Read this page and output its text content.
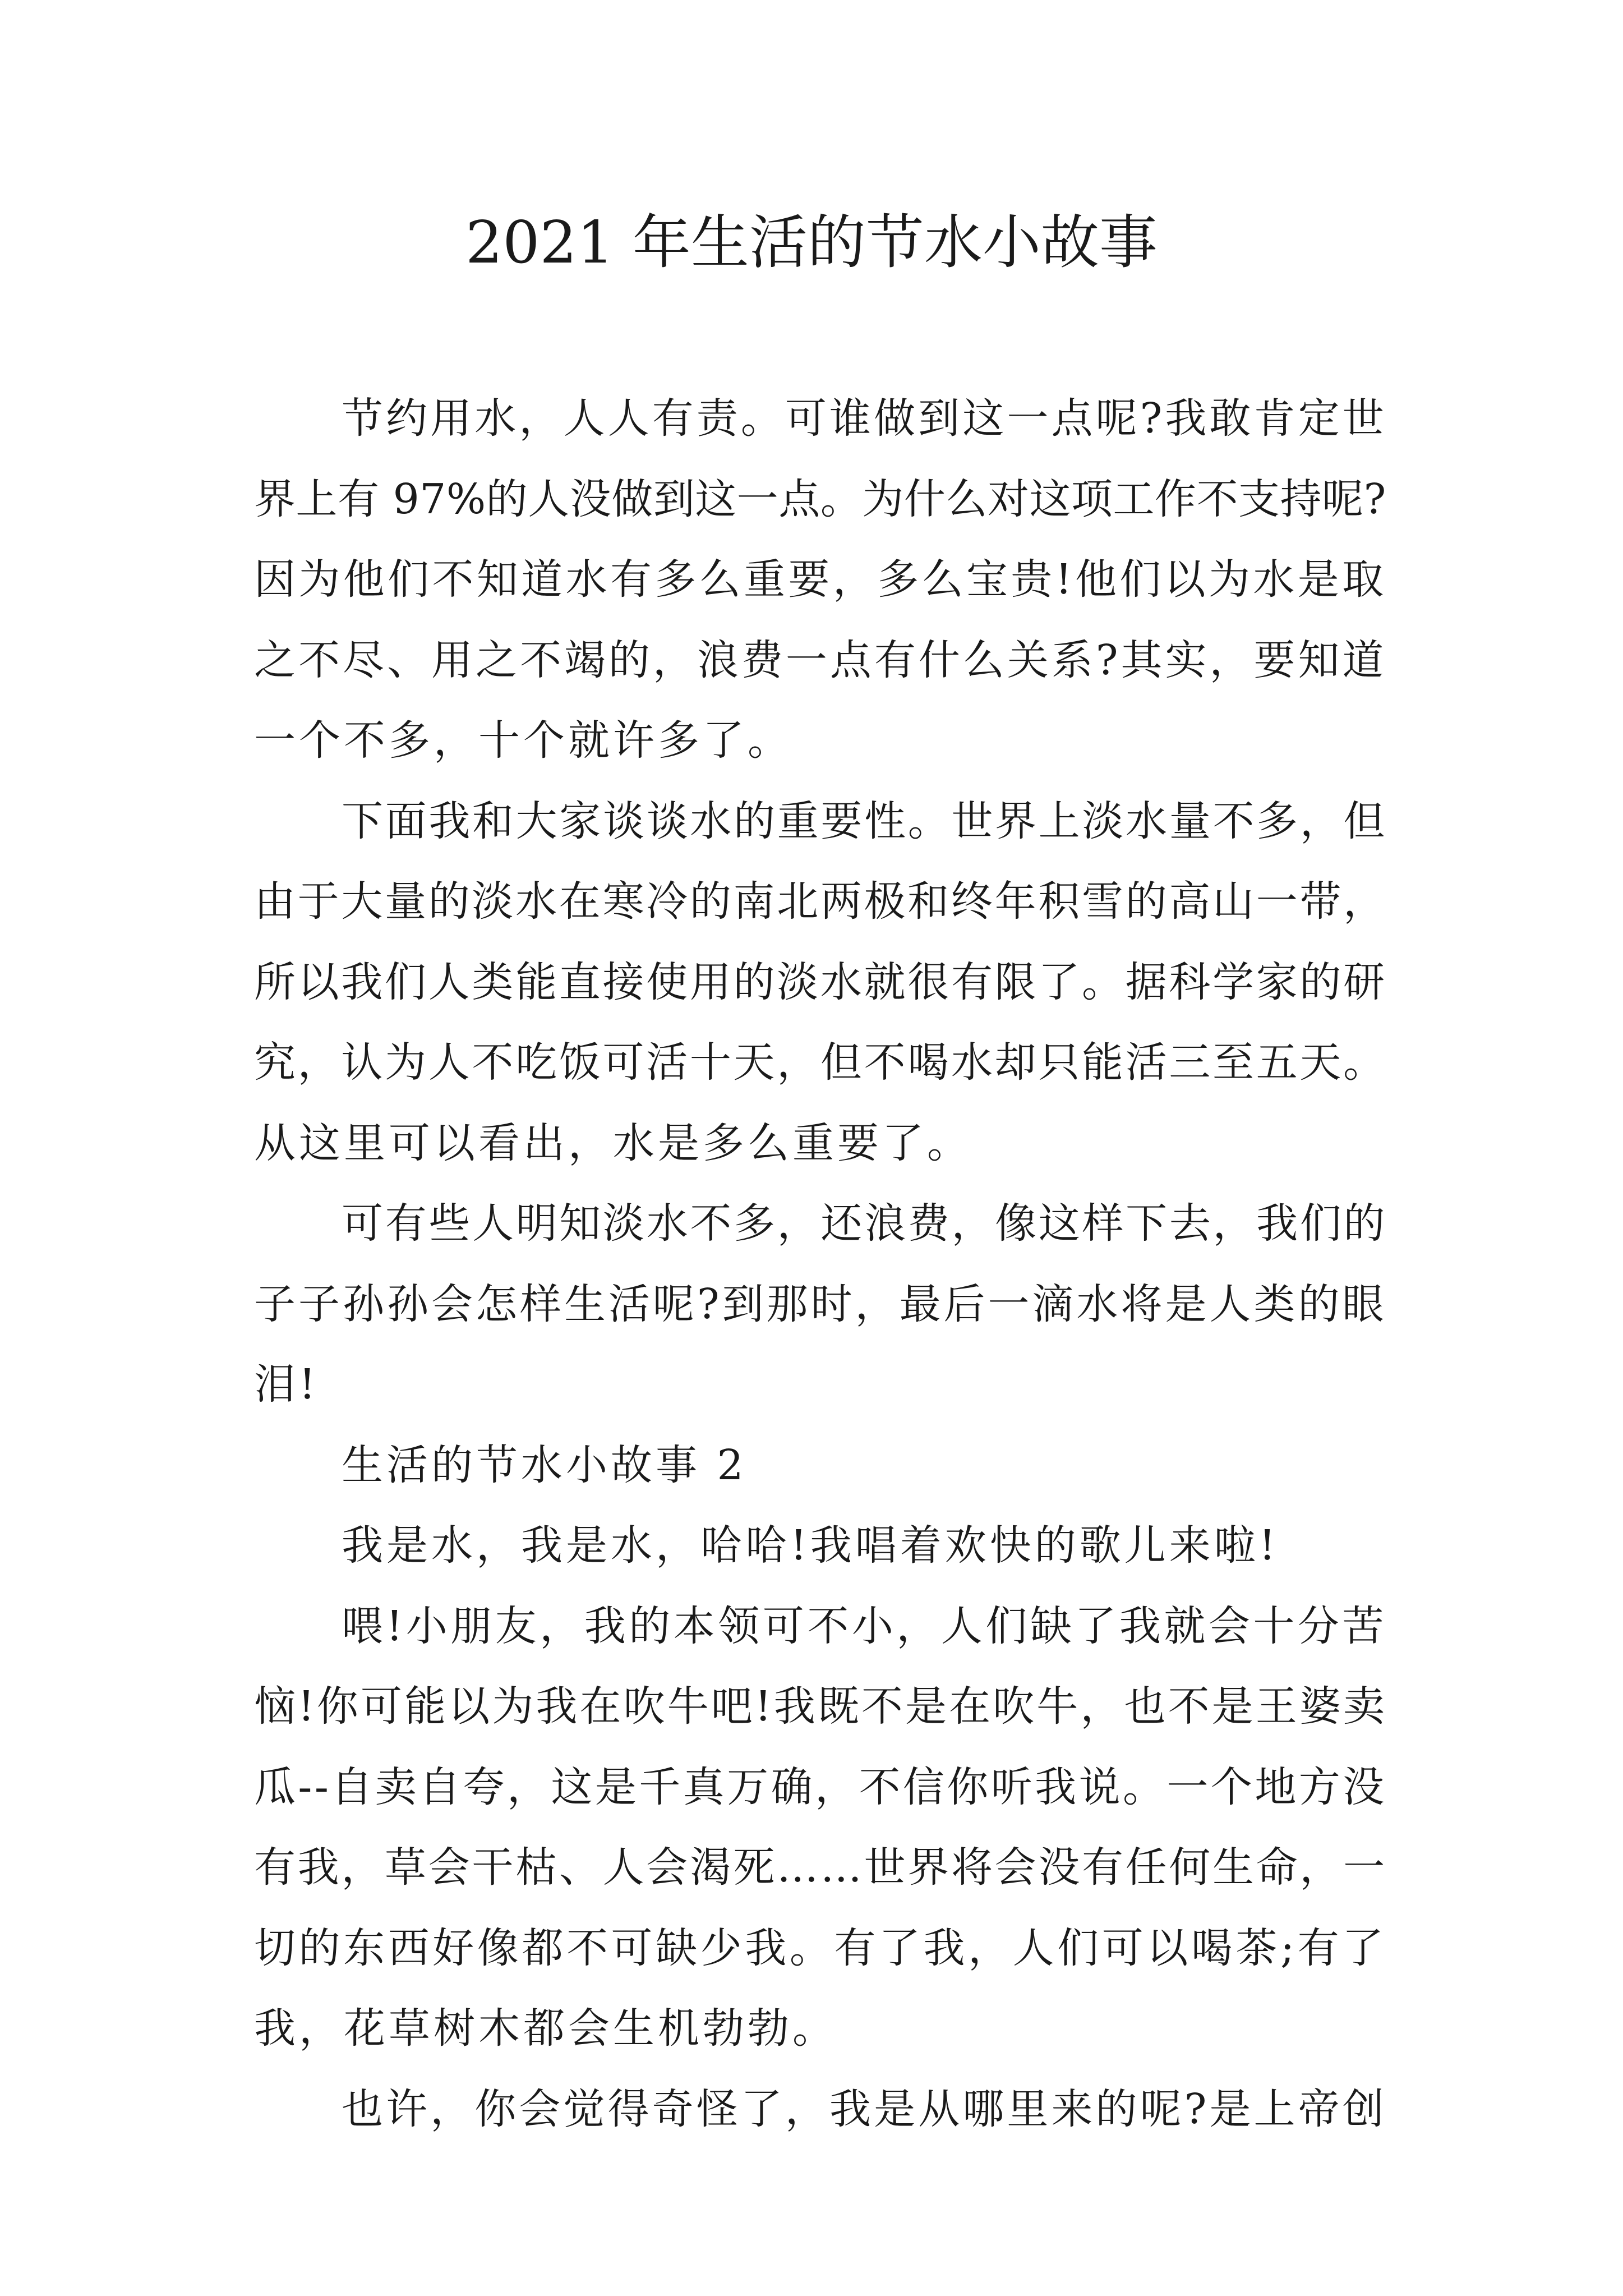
2021 年生活的节水小故事
节约用水，人人有责。可谁做到这一点呢?我敢肯定世
界上有 97%的人没做到这一点。为什么对这项工作不支持呢?
因为他们不知道水有多么重要，多么宝贵!他们以为水是取
之不尽、用之不竭的，浪费一点有什么关系?其实，要知道
一个不多，十个就许多了。
下面我和大家谈谈水的重要性。世界上淡水量不多，但
由于大量的淡水在寒冷的南北两极和终年积雪的高山一带，
所以我们人类能直接使用的淡水就很有限了。据科学家的研
究，认为人不吃饭可活十天，但不喝水却只能活三至五天。
从这里可以看出，水是多么重要了。
可有些人明知淡水不多，还浪费，像这样下去，我们的
子子孙孙会怎样生活呢?到那时，最后一滴水将是人类的眼
泪!
生活的节水小故事 2
我是水，我是水，哈哈!我唱着欢快的歌儿来啦!
喂!小朋友，我的本领可不小，人们缺了我就会十分苦
恼!你可能以为我在吹牛吧!我既不是在吹牛，也不是王婆卖
瓜--自卖自夸，这是千真万确，不信你听我说。一个地方没
有我，草会干枯、人会渴死……世界将会没有任何生命，一
切的东西好像都不可缺少我。有了我，人们可以喝茶;有了
我，花草树木都会生机勃勃。
也许，你会觉得奇怪了，我是从哪里来的呢?是上帝创
